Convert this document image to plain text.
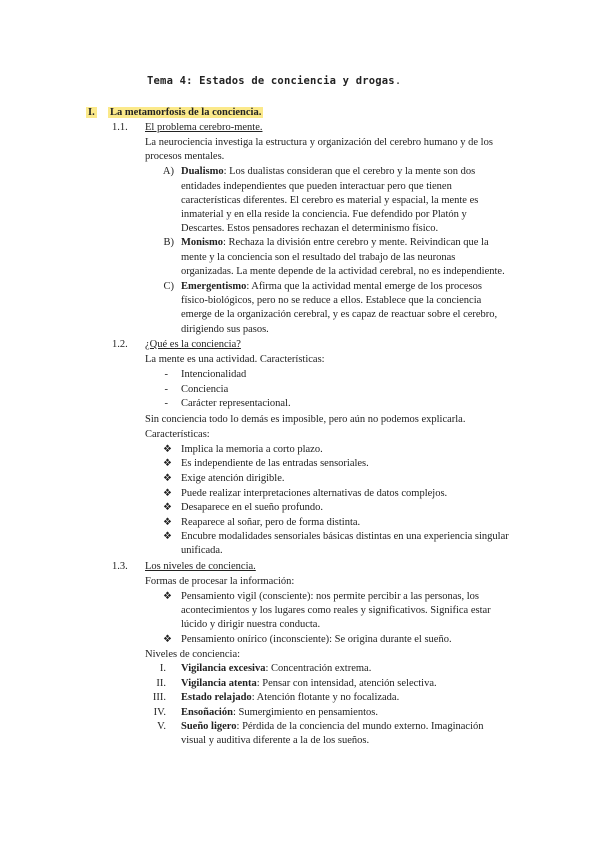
Tema 4: Estados de conciencia y drogas.
I. La metamorfosis de la conciencia.
1.1. El problema cerebro-mente.
La neurociencia investiga la estructura y organización del cerebro humano y de los
procesos mentales.
A) Dualismo: Los dualistas consideran que el cerebro y la mente son dos
entidades independientes que pueden interactuar pero que tienen
características diferentes. El cerebro es material y espacial, la mente es
inmaterial y en ella reside la conciencia. Fue defendido por Platón y
Descartes. Estos pensadores rechazan el determinismo físico.
B) Monismo: Rechaza la división entre cerebro y mente. Reivindican que la
mente y la conciencia son el resultado del trabajo de las neuronas
organizadas. La mente depende de la actividad cerebral, no es independiente.
C) Emergentismo: Afirma que la actividad mental emerge de los procesos
físico-biológicos, pero no se reduce a ellos. Establece que la conciencia
emerge de la organización cerebral, y es capaz de reactuar sobre el cerebro,
dirigiendo sus pasos.
1.2. ¿Qué es la conciencia?
La mente es una actividad. Características:
- Intencionalidad
- Conciencia
- Carácter representacional.
Sin conciencia todo lo demás es imposible, pero aún no podemos explicarla.
Características:
❖ Implica la memoria a corto plazo.
❖ Es independiente de las entradas sensoriales.
❖ Exige atención dirigible.
❖ Puede realizar interpretaciones alternativas de datos complejos.
❖ Desaparece en el sueño profundo.
❖ Reaparece al soñar, pero de forma distinta.
❖ Encubre modalidades sensoriales básicas distintas en una experiencia singular
unificada.
1.3. Los niveles de conciencia.
Formas de procesar la información:
❖ Pensamiento vigil (consciente): nos permite percibir a las personas, los
acontecimientos y los lugares como reales y significativos. Significa estar
lúcido y dirigir nuestra conducta.
❖ Pensamiento onírico (inconsciente): Se origina durante el sueño.
Niveles de conciencia:
I. Vigilancia excesiva: Concentración extrema.
II. Vigilancia atenta: Pensar con intensidad, atención selectiva.
III. Estado relajado: Atención flotante y no focalizada.
IV. Ensoñación: Sumergimiento en pensamientos.
V. Sueño ligero: Pérdida de la conciencia del mundo externo. Imaginación
visual y auditiva diferente a la de los sueños.
